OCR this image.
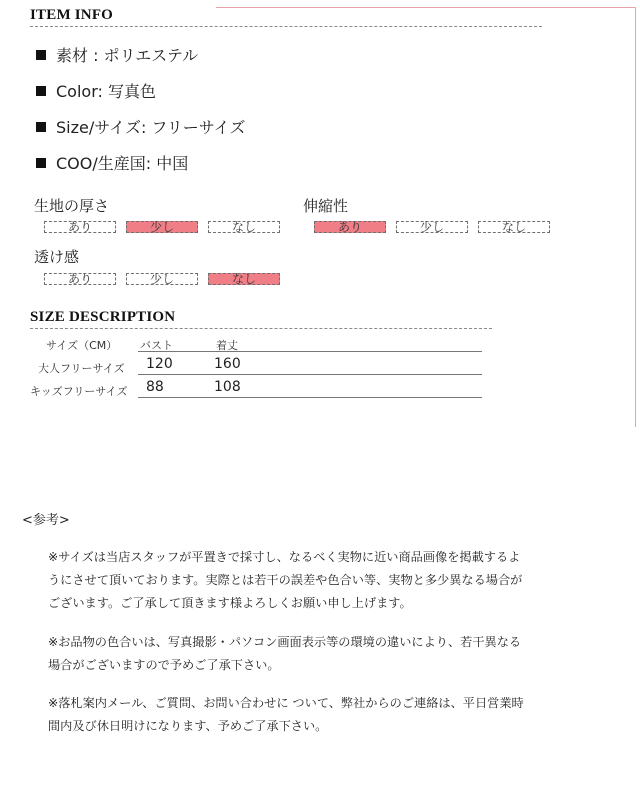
ITEM INFO
素材 : ポリエステル
Color: 写真色
Size/サイズ: フリーサイズ
COO/生産国: 中国
生地の厚さ
あり	少し	なし
伸縮性
あり	少し	なし
透け感
あり	少し	なし
SIZE DESCRIPTION
サイズ（CM） バスト	着丈
大人フリーサイズ 120	160
キッズフリーサイズ 88	108
<参考>
※サイズは当店スタッフが平置きで採寸し、なるべく実物に近い商品画像を掲載するよ
うにさせて頂いております。実際とは若干の誤差や色合い等、実物と多少異なる場合が
ございます。ご了承して頂きます様よろしくお願い申し上げます。
※お品物の色合いは、写真撮影・パソコン画面表示等の環境の違いにより、若干異なる
場合がございますので予めご了承下さい。
※落札案内メール、ご質問、お問い合わせに ついて、弊社からのご連絡は、平日営業時
間内及び休日明けになります、予めご了承下さい。
